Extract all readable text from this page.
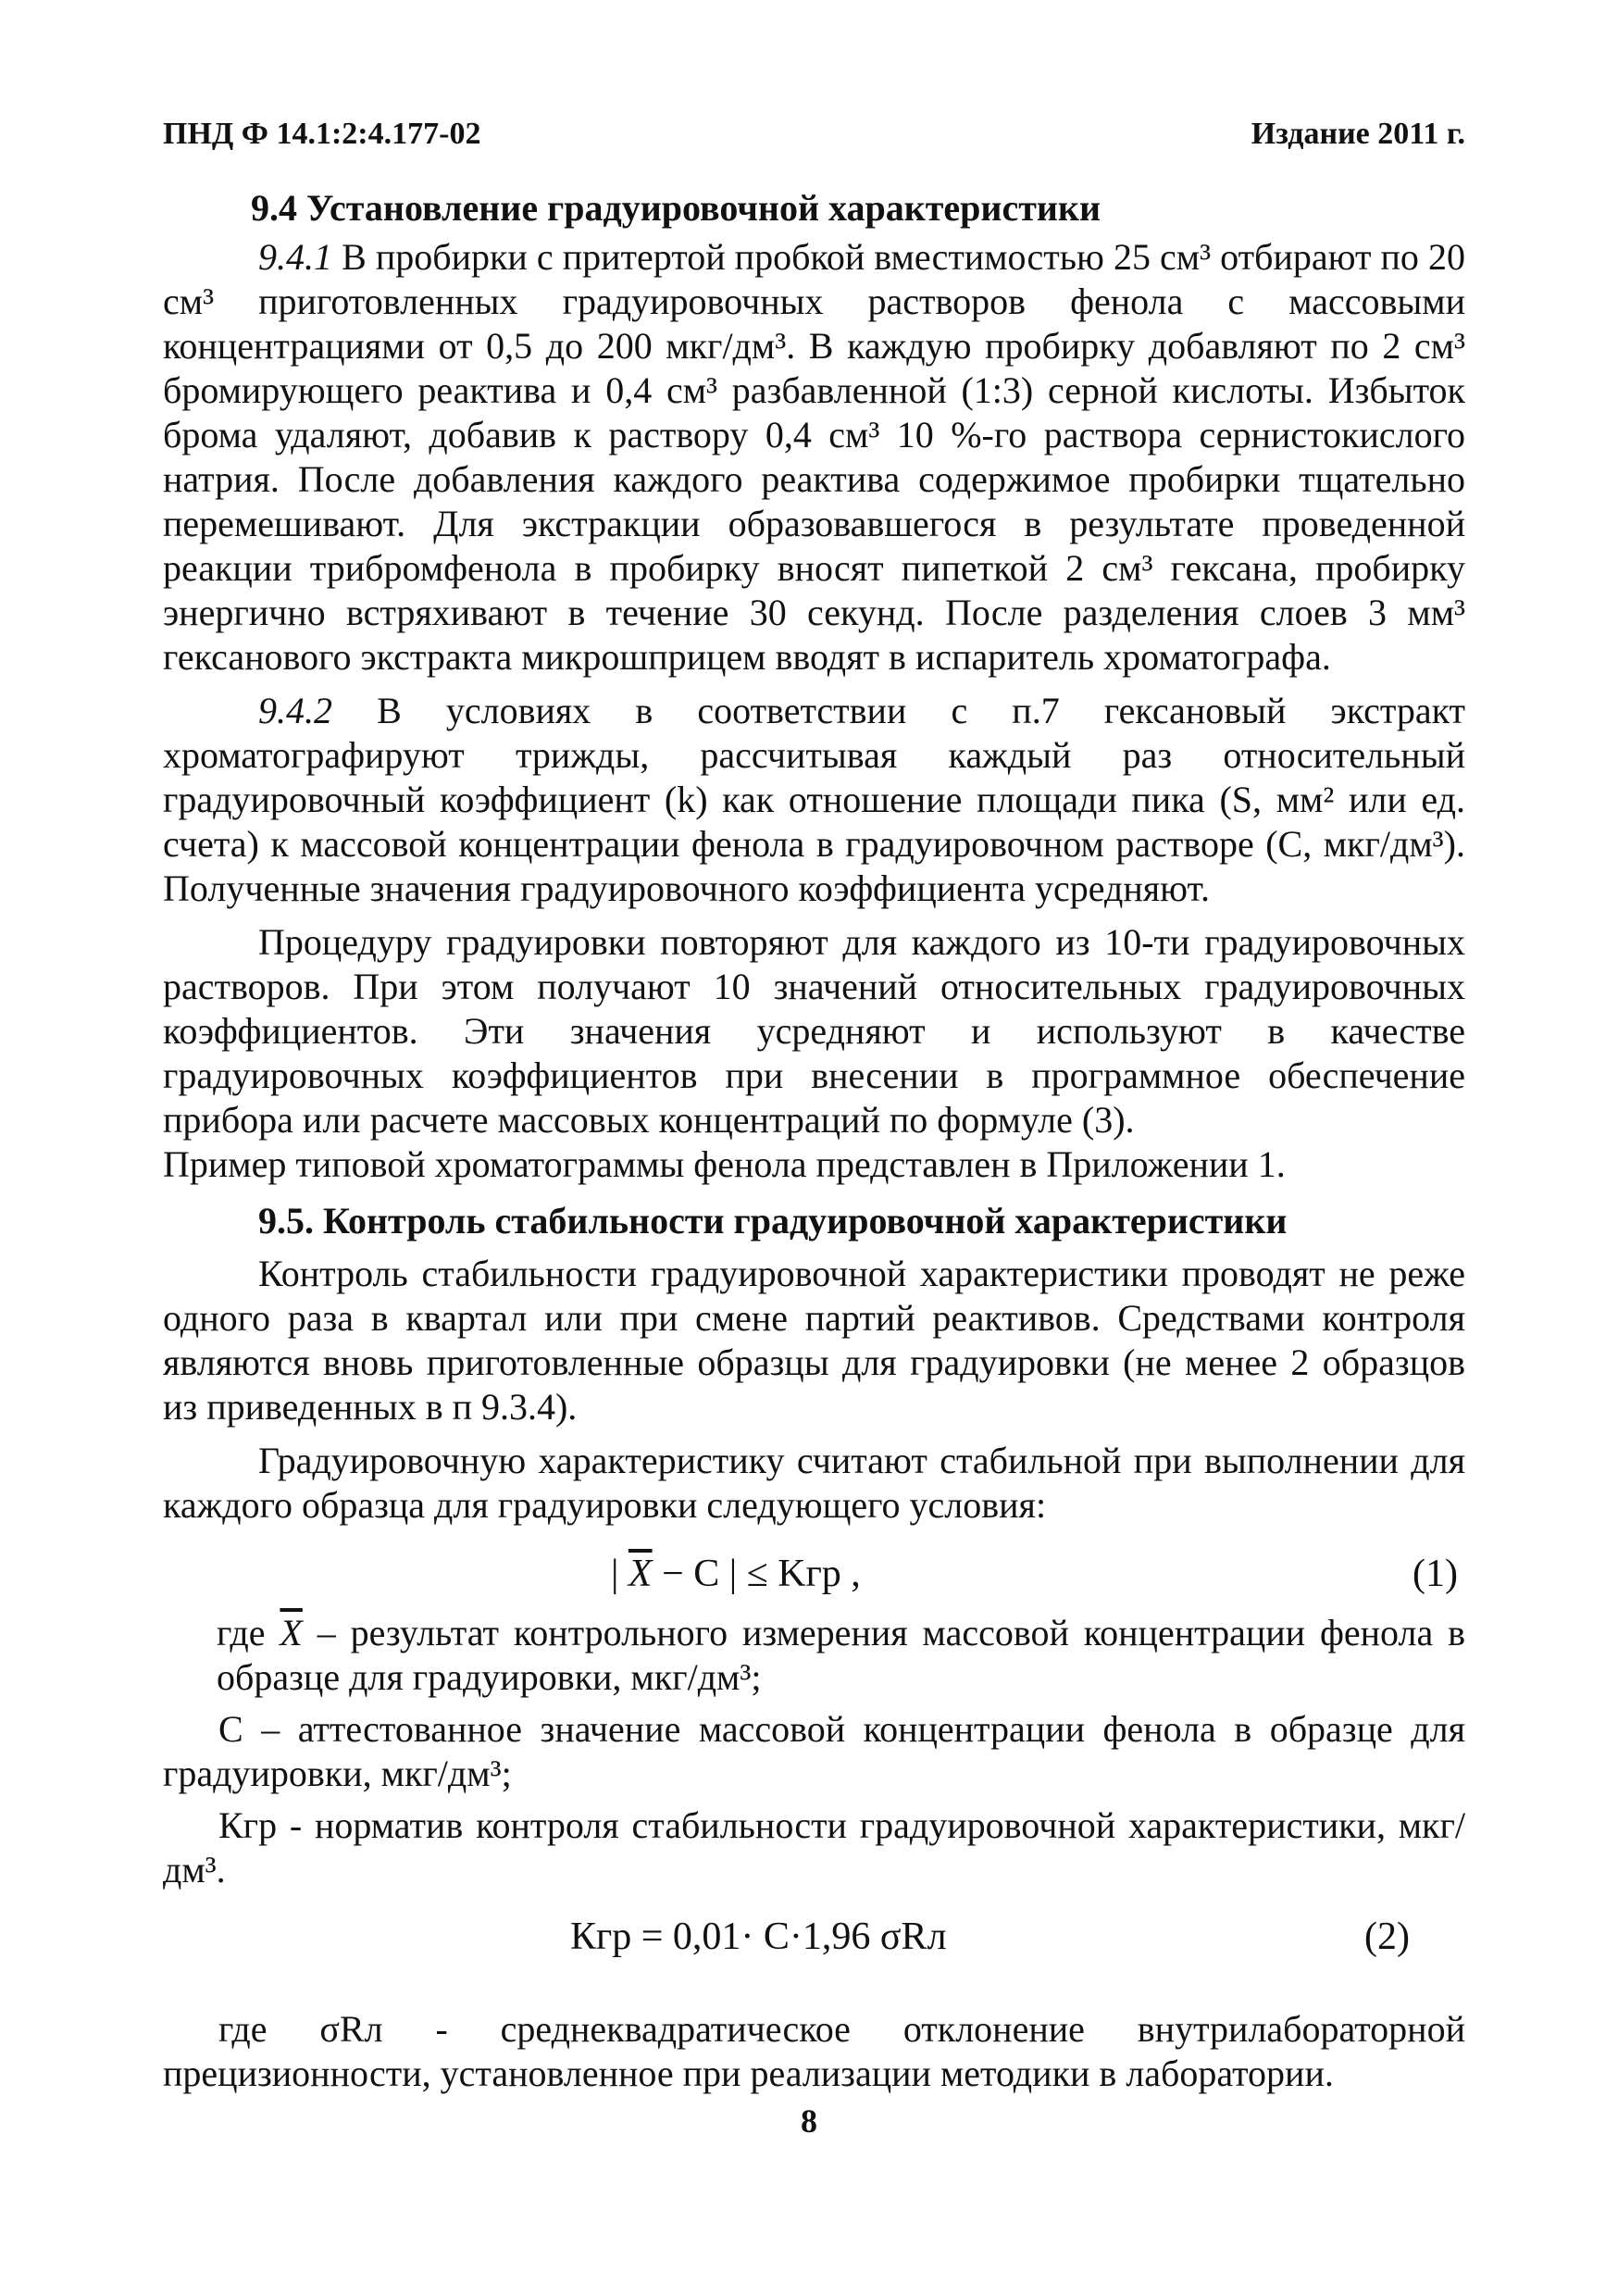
ПНД Ф 14.1:2:4.177-02	Издание 2011 г.

9.4 Установление градуировочной характеристики

9.4.1 В пробирки с притертой пробкой вместимостью 25 см³ отбирают по 20 см³ приготовленных градуировочных растворов фенола с массовыми концентрациями от 0,5 до 200 мкг/дм³. В каждую пробирку добавляют по 2 см³ бромирующего реактива и 0,4 см³ разбавленной (1:3) серной кислоты. Избыток брома удаляют, добавив к раствору 0,4 см³ 10 %-го раствора сернистокислого натрия. После добавления каждого реактива содержимое пробирки тщательно перемешивают. Для экстракции образовавшегося в результате проведенной реакции трибромфенола в пробирку вносят пипеткой 2 см³ гексана, пробирку энергично встряхивают в течение 30 секунд. После разделения слоев 3 мм³ гексанового экстракта микрошприцем вводят в испаритель хроматографа.

9.4.2 В условиях в соответствии с п.7 гексановый экстракт хроматографируют трижды, рассчитывая каждый раз относительный градуировочный коэффициент (k) как отношение площади пика (S, мм² или ед. счета) к массовой концентрации фенола в градуировочном растворе (С, мкг/дм³). Полученные значения градуировочного коэффициента усредняют.

Процедуру градуировки повторяют для каждого из 10-ти градуировочных растворов. При этом получают 10 значений относительных градуировочных коэффициентов. Эти значения усредняют и используют в качестве градуировочных коэффициентов при внесении в программное обеспечение прибора или расчете массовых концентраций по формуле (3).

Пример типовой хроматограммы фенола представлен в Приложении 1.

9.5. Контроль стабильности градуировочной характеристики

Контроль стабильности градуировочной характеристики проводят не реже одного раза в квартал или при смене партий реактивов. Средствами контроля являются вновь приготовленные образцы для градуировки (не менее 2 образцов из приведенных в п 9.3.4).

Градуировочную характеристику считают стабильной при выполнении для каждого образца для градуировки следующего условия:

| $\overline{X} - C$ | ≤ Kгр ,	(1)

где $\overline{X}$ – результат контрольного измерения массовой концентрации фенола в образце для градуировки, мкг/дм³;

С – аттестованное значение массовой концентрации фенола в образце для градуировки, мкг/дм³;

Кгр - норматив контроля стабильности градуировочной характеристики, мкг/дм³.

Кгр = 0,01· С·1,96 σRл	(2)

где σRл - среднеквадратическое отклонение внутрилабораторной прецизионности, установленное при реализации методики в лаборатории.

8
